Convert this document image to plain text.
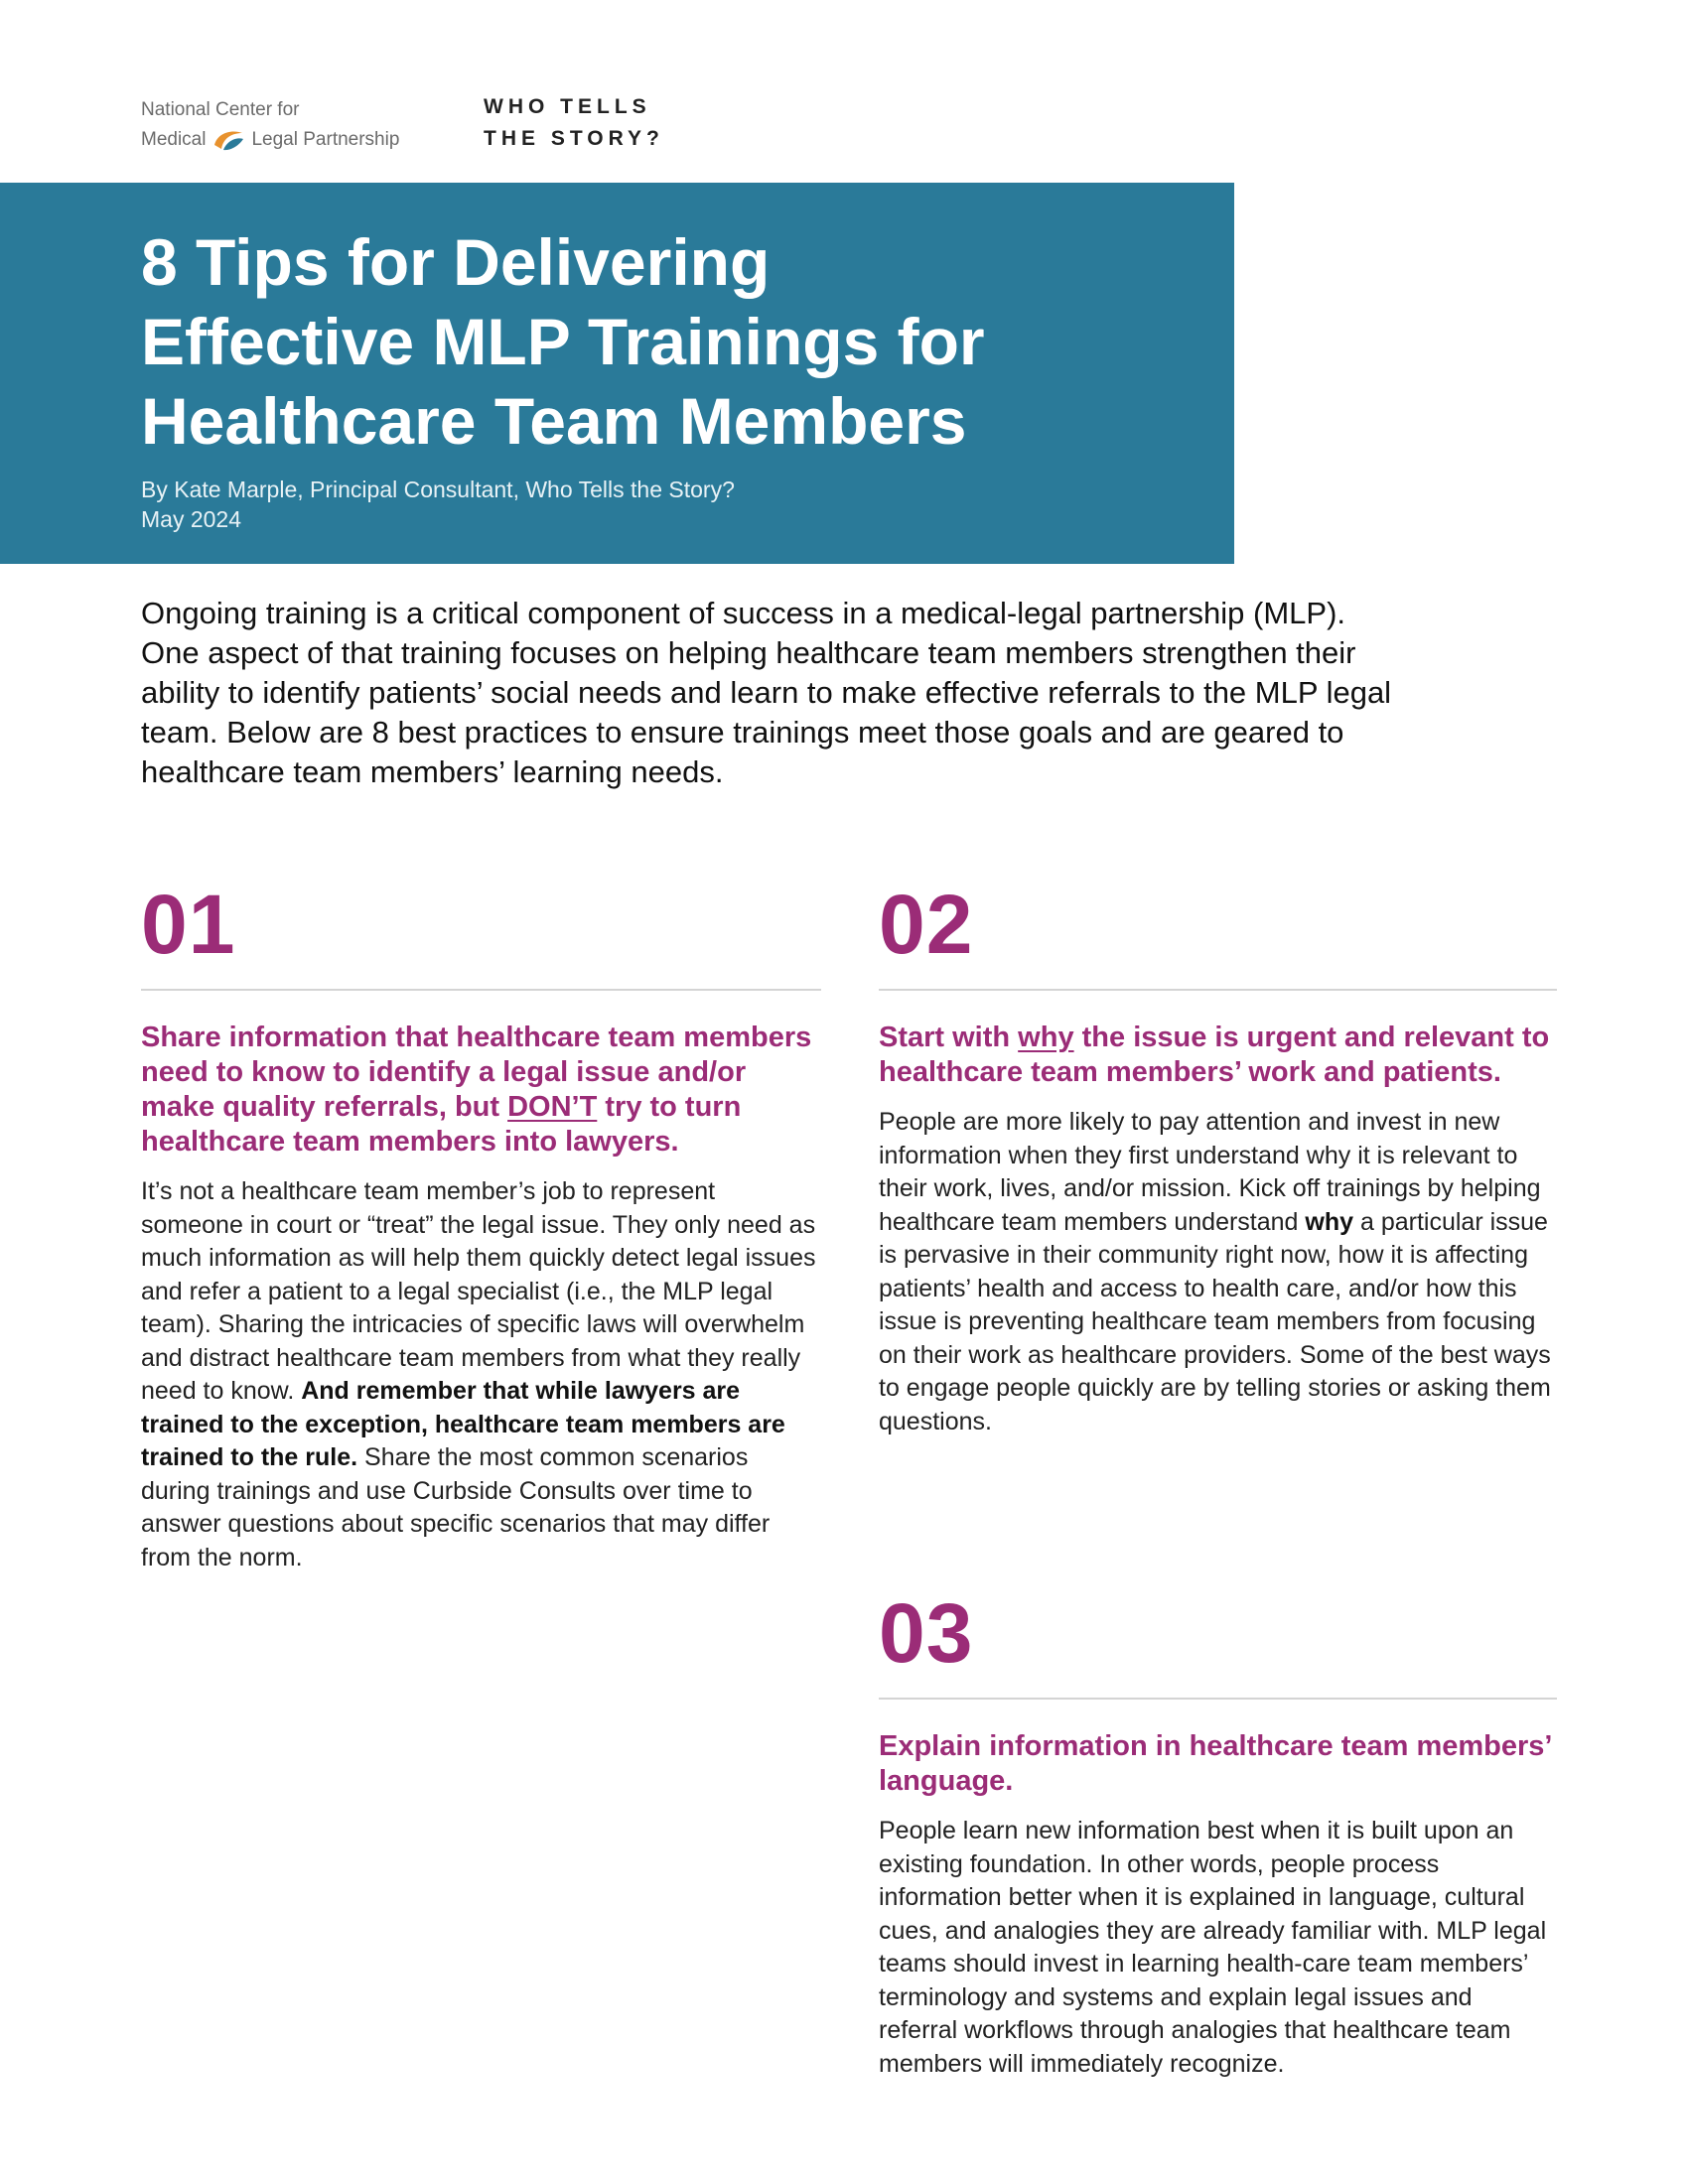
National Center for
Medical Legal Partnership
WHO TELLS
THE STORY?
8 Tips for Delivering
Effective MLP Trainings for
Healthcare Team Members
By Kate Marple, Principal Consultant, Who Tells the Story?
May 2024

Ongoing training is a critical component of success in a medical-legal partnership (MLP). One aspect of that training focuses on helping healthcare team members strengthen their ability to identify patients’ social needs and learn to make effective referrals to the MLP legal team. Below are 8 best practices to ensure trainings meet those goals and are geared to healthcare team members’ learning needs.

01
Share information that healthcare team members need to know to identify a legal issue and/or make quality referrals, but DON’T try to turn healthcare team members into lawyers.

It’s not a healthcare team member’s job to represent someone in court or “treat” the legal issue. They only need as much information as will help them quickly detect legal issues and refer a patient to a legal specialist (i.e., the MLP legal team). Sharing the intricacies of specific laws will overwhelm and distract healthcare team members from what they really need to know. And remember that while lawyers are trained to the exception, healthcare team members are trained to the rule. Share the most common scenarios during trainings and use Curbside Consults over time to answer questions about specific scenarios that may differ from the norm.

02
Start with why the issue is urgent and relevant to healthcare team members’ work and patients.

People are more likely to pay attention and invest in new information when they first understand why it is relevant to their work, lives, and/or mission. Kick off trainings by helping healthcare team members understand why a particular issue is pervasive in their community right now, how it is affecting patients’ health and access to health care, and/or how this issue is preventing healthcare team members from focusing on their work as healthcare providers. Some of the best ways to engage people quickly are by telling stories or asking them questions.

03
Explain information in healthcare team members’ language.

People learn new information best when it is built upon an existing foundation. In other words, people process information better when it is explained in language, cultural cues, and analogies they are already familiar with. MLP legal teams should invest in learning health-care team members’ terminology and systems and explain legal issues and referral workflows through analogies that healthcare team members will immediately recognize.
